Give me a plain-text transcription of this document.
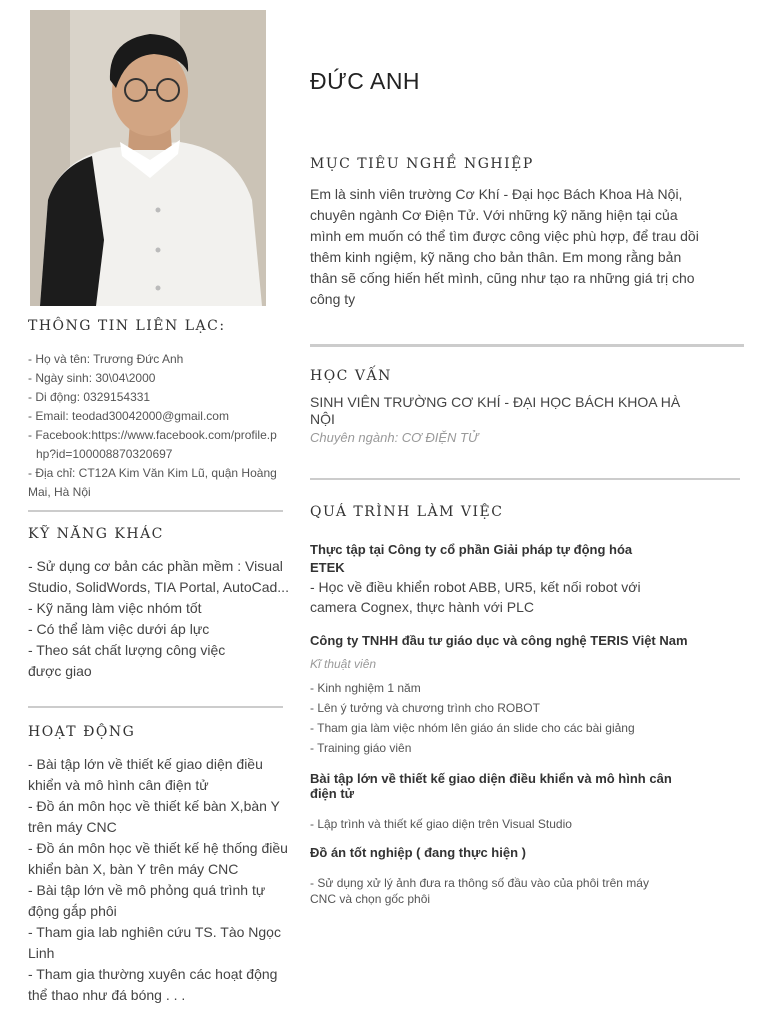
ĐỨC ANH
THÔNG TIN LIÊN LẠC:
- Họ và tên: Trương Đức Anh
- Ngày sinh: 30\04\2000
- Di động: 0329154331
- Email: teodad30042000@gmail.com
- Facebook:https://www.facebook.com/profile.p
hp?id=100008870320697
- Địa chỉ: CT12A Kim Văn Kim Lũ, quận Hoàng
Mai, Hà Nội
KỸ NĂNG KHÁC
- Sử dụng cơ bản các phần mềm : Visual
Studio, SolidWords, TIA Portal, AutoCad...
- Kỹ năng làm việc nhóm tốt
- Có thể làm việc dưới áp lực
- Theo sát chất lượng công việc
được giao
HOẠT ĐỘNG
- Bài tập lớn về thiết kế giao diện điều
khiển và mô hình cân điện tử
- Đồ án môn học về thiết kế bàn X,bàn Y
trên máy CNC
- Đồ án môn học về thiết kế hệ thống điều
khiển bàn X, bàn Y trên máy CNC
- Bài tập lớn về mô phỏng quá trình tự
động gắp phôi
- Tham gia lab nghiên cứu TS. Tào Ngọc
Linh
- Tham gia thường xuyên các hoạt động
thể thao như đá bóng . . .
MỤC TIÊU NGHỀ NGHIỆP
Em là sinh viên trường Cơ Khí - Đại học Bách Khoa Hà Nội,
chuyên ngành Cơ Điện Tử. Với những kỹ năng hiện tại của
mình em muốn có thể tìm được công việc phù hợp, để trau dồi
thêm kinh ngiệm, kỹ năng cho bản thân. Em mong rằng bản
thân sẽ cống hiến hết mình, cũng như tạo ra những giá trị cho
công ty
HỌC VẤN
SINH VIÊN TRƯỜNG CƠ KHÍ - ĐẠI HỌC BÁCH KHOA HÀ
NỘI
Chuyên ngành: CƠ ĐIỆN TỬ
QUÁ TRÌNH LÀM VIỆC
Thực tập tại Công ty cổ phần Giải pháp tự động hóa
ETEK
- Học về điều khiển robot ABB, UR5, kết nối robot với
camera Cognex, thực hành với PLC
Công ty TNHH đầu tư giáo dục và công nghệ TERIS Việt Nam
Kĩ thuật viên
- Kinh nghiệm 1 năm
- Lên ý tưởng và chương trình cho ROBOT
- Tham gia làm việc nhóm lên giáo án slide cho các bài giảng
- Training giáo viên
Bài tập lớn về thiết kế giao diện điều khiển và mô hình cân
điện tử
- Lập trình và thiết kế giao diện trên Visual Studio
Đồ án tốt nghiệp ( đang thực hiện )
- Sử dụng xử lý ảnh đưa ra thông số đầu vào của phôi trên máy
CNC và chọn gốc phôi
